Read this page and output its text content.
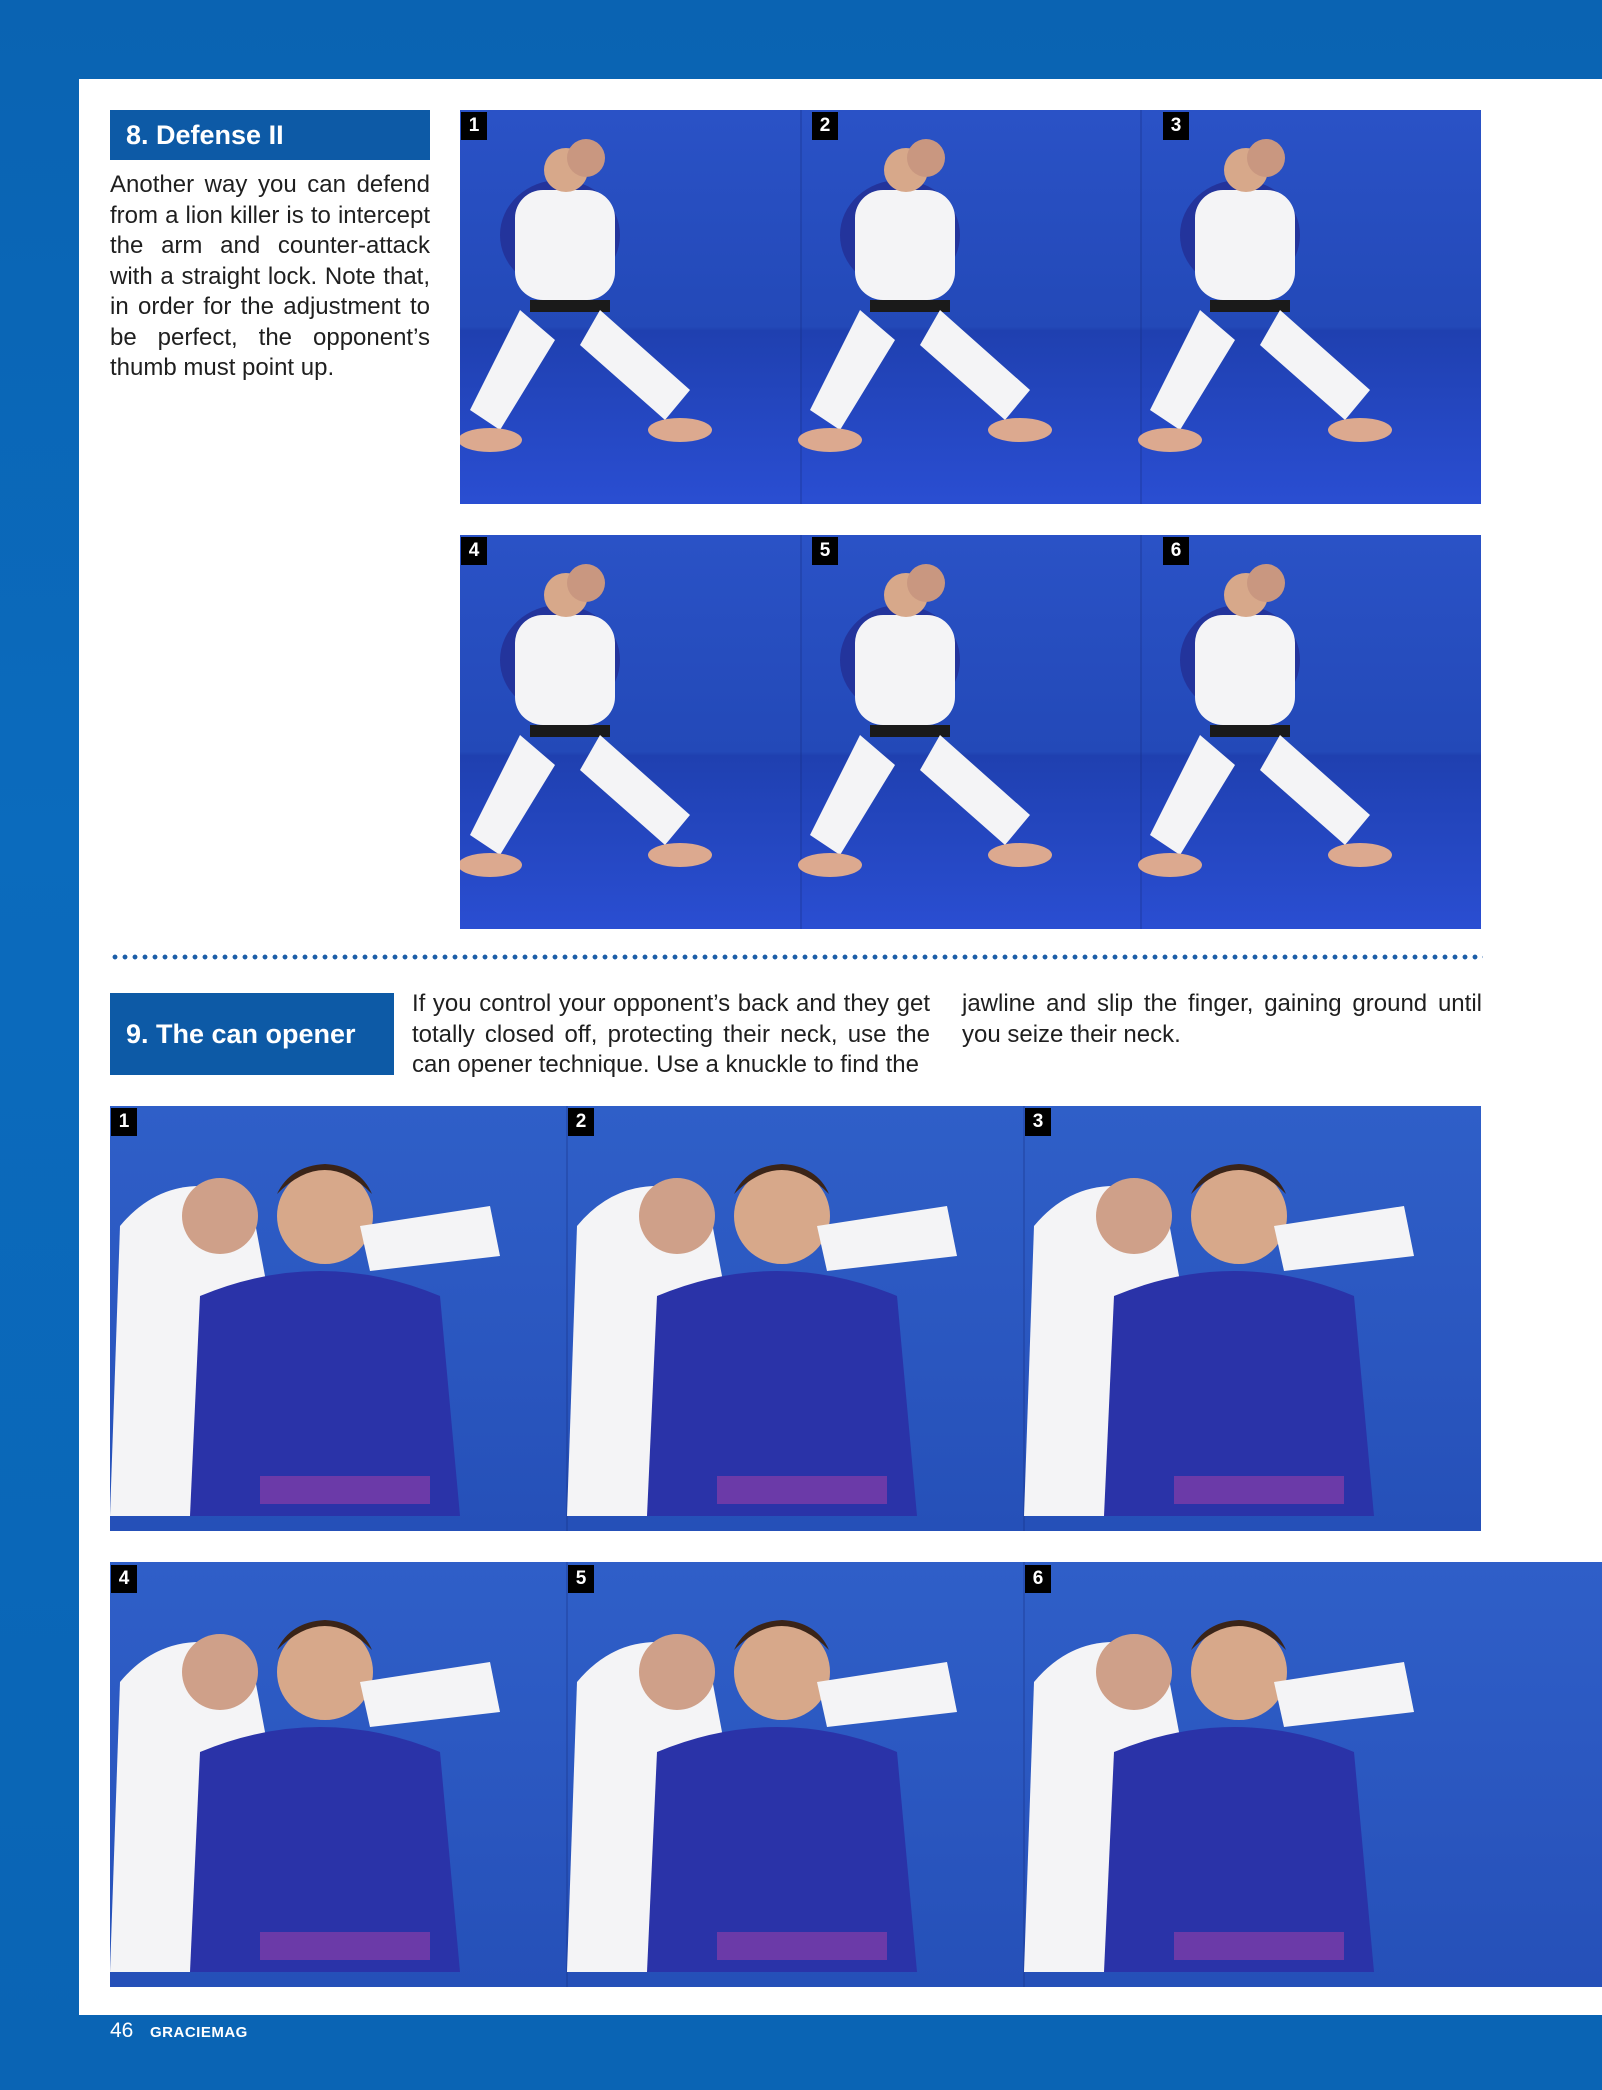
8. Defense II

Another way you can defend from a lion killer is to intercept the arm and counter-attack with a straight lock. Note that, in order for the adjustment to be perfect, the opponent’s thumb must point up.

9. The can opener

If you control your opponent’s back and they get totally closed off, protecting their neck, use the can opener technique. Use a knuckle to find the

jawline and slip the finger, gaining ground until you seize their neck.

1	2	3
4	5	6
1	2	3
4	5	6
46 GRACIEMAG
